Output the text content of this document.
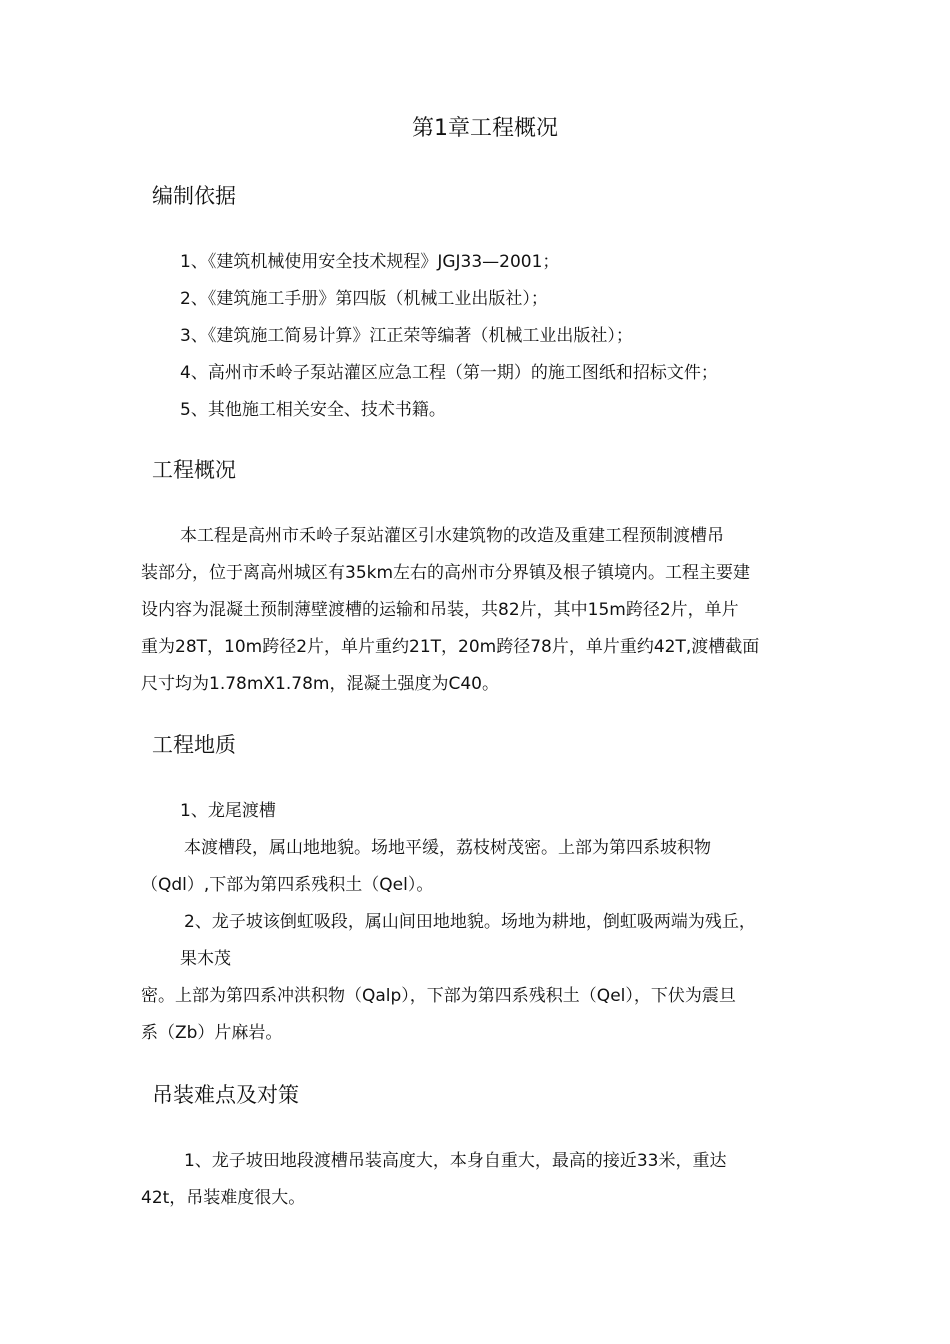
第1章工程概况
编制依据
1、《建筑机械使用安全技术规程》JGJ33—2001；
2、《建筑施工手册》第四版（机械工业出版社）；
3、《建筑施工简易计算》江正荣等编著（机械工业出版社）；
4、高州市禾岭子泵站灌区应急工程（第一期）的施工图纸和招标文件；
5、其他施工相关安全、技术书籍。
工程概况
本工程是高州市禾岭子泵站灌区引水建筑物的改造及重建工程预制渡槽吊
装部分，位于离高州城区有35km左右的高州市分界镇及根子镇境内。工程主要建
设内容为混凝土预制薄壁渡槽的运输和吊装，共82片，其中15m跨径2片，单片
重为28T，10m跨径2片，单片重约21T，20m跨径78片，单片重约42T,渡槽截面
尺寸均为1.78mX1.78m，混凝土强度为C40。
工程地质
1、龙尾渡槽
本渡槽段，属山地地貌。场地平缓，荔枝树茂密。上部为第四系坡积物
（Qdl）,下部为第四系残积土（Qel）。
2、龙子坡该倒虹吸段，属山间田地地貌。场地为耕地，倒虹吸两端为残丘，
果木茂
密。上部为第四系冲洪积物（Qalp），下部为第四系残积土（Qel），下伏为震旦
系（Zb）片麻岩。
吊装难点及对策
1、龙子坡田地段渡槽吊装高度大，本身自重大，最高的接近33米，重达
42t，吊装难度很大。
